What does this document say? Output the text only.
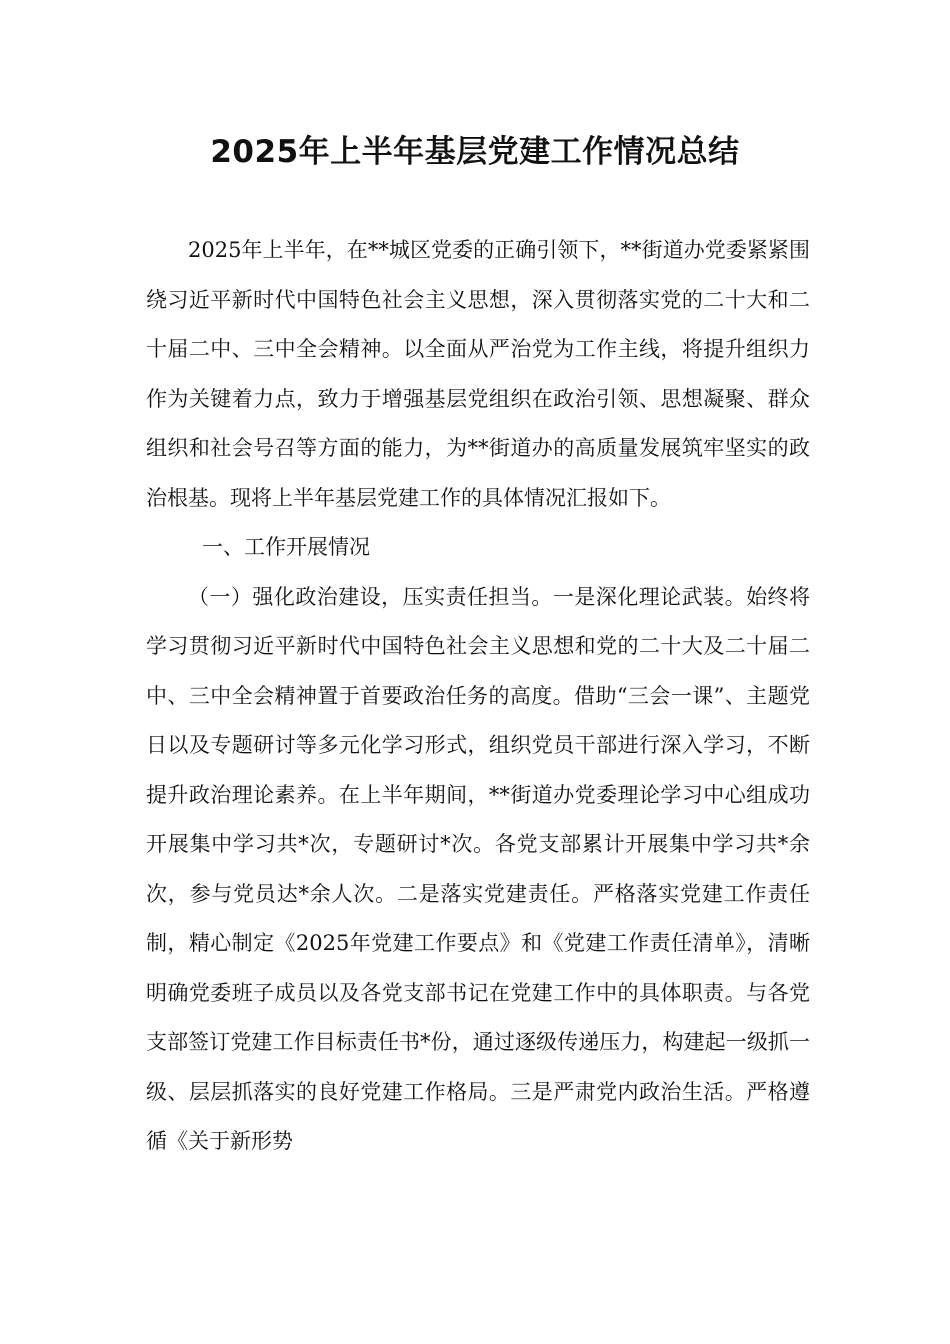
2025年上半年基层党建工作情况总结

2025年上半年，在**城区党委的正确引领下，**街道办党委紧紧围绕习近平新时代中国特色社会主义思想，深入贯彻落实党的二十大和二十届二中、三中全会精神。以全面从严治党为工作主线，将提升组织力作为关键着力点，致力于增强基层党组织在政治引领、思想凝聚、群众组织和社会号召等方面的能力，为**街道办的高质量发展筑牢坚实的政治根基。现将上半年基层党建工作的具体情况汇报如下。

一、工作开展情况

（一）强化政治建设，压实责任担当。一是深化理论武装。始终将学习贯彻习近平新时代中国特色社会主义思想和党的二十大及二十届二中、三中全会精神置于首要政治任务的高度。借助“三会一课”、主题党日以及专题研讨等多元化学习形式，组织党员干部进行深入学习，不断提升政治理论素养。在上半年期间，**街道办党委理论学习中心组成功开展集中学习共*次，专题研讨*次。各党支部累计开展集中学习共*余次，参与党员达*余人次。二是落实党建责任。严格落实党建工作责任制，精心制定《2025年党建工作要点》和《党建工作责任清单》，清晰明确党委班子成员以及各党支部书记在党建工作中的具体职责。与各党支部签订党建工作目标责任书*份，通过逐级传递压力，构建起一级抓一级、层层抓落实的良好党建工作格局。三是严肃党内政治生活。严格遵循《关于新形势
